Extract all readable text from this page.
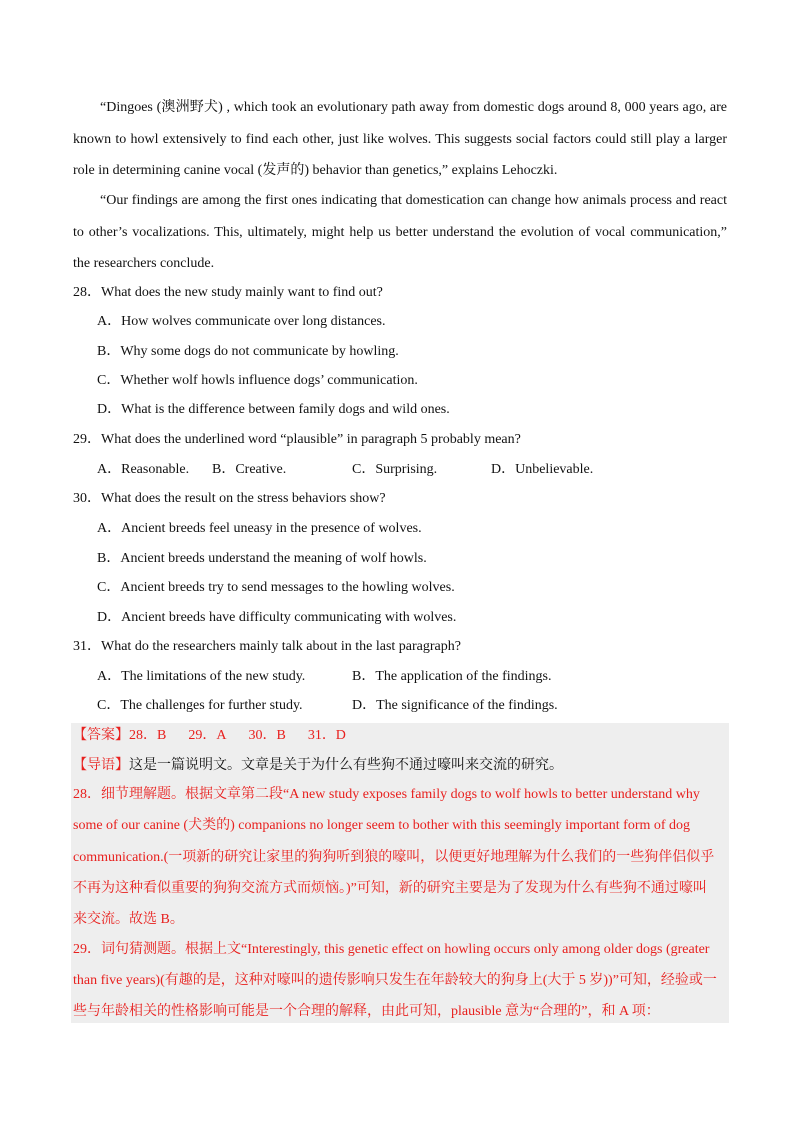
“Dingoes (澳洲野犬) , which took an evolutionary path away from domestic dogs around 8, 000 years ago, are known to howl extensively to find each other, just like wolves. This suggests social factors could still play a larger role in determining canine vocal (发声的) behavior than genetics,” explains Lehoczki.
“Our findings are among the first ones indicating that domestication can change how animals process and react to other’s vocalizations. This, ultimately, might help us better understand the evolution of vocal communication,” the researchers conclude.
28．What does the new study mainly want to find out?
A．How wolves communicate over long distances.
B．Why some dogs do not communicate by howling.
C．Whether wolf howls influence dogs’ communication.
D．What is the difference between family dogs and wild ones.
29．What does the underlined word “plausible” in paragraph 5 probably mean?
A．Reasonable. B．Creative.	C．Surprising.	D．Unbelievable.
30．What does the result on the stress behaviors show?
A．Ancient breeds feel uneasy in the presence of wolves.
B．Ancient breeds understand the meaning of wolf howls.
C．Ancient breeds try to send messages to the howling wolves.
D．Ancient breeds have difficulty communicating with wolves.
31．What do the researchers mainly talk about in the last paragraph?
A．The limitations of the new study.	B．The application of the findings.
C．The challenges for further study.	D．The significance of the findings.
【答案】28．B 29．A 30．B 31．D
【导语】这是一篇说明文。文章是关于为什么有些狗不通过嚎叫来交流的研究。
28．细节理解题。根据文章第二段“A new study exposes family dogs to wolf howls to better understand why
some of our canine (犬类的) companions no longer seem to bother with this seemingly important form of dog
communication.(一项新的研究让家里的狗狗听到狼的嚎叫，以便更好地理解为什么我们的一些狗伴侣似乎
不再为这种看似重要的狗狗交流方式而烦恼。)”可知，新的研究主要是为了发现为什么有些狗不通过嚎叫
来交流。故选 B。
29．词句猜测题。根据上文“Interestingly, this genetic effect on howling occurs only among older dogs (greater
than five years)(有趣的是，这种对嚎叫的遗传影响只发生在年龄较大的狗身上(大于 5 岁))”可知，经验或一
些与年龄相关的性格影响可能是一个合理的解释，由此可知，plausible 意为“合理的”，和 A 项：
